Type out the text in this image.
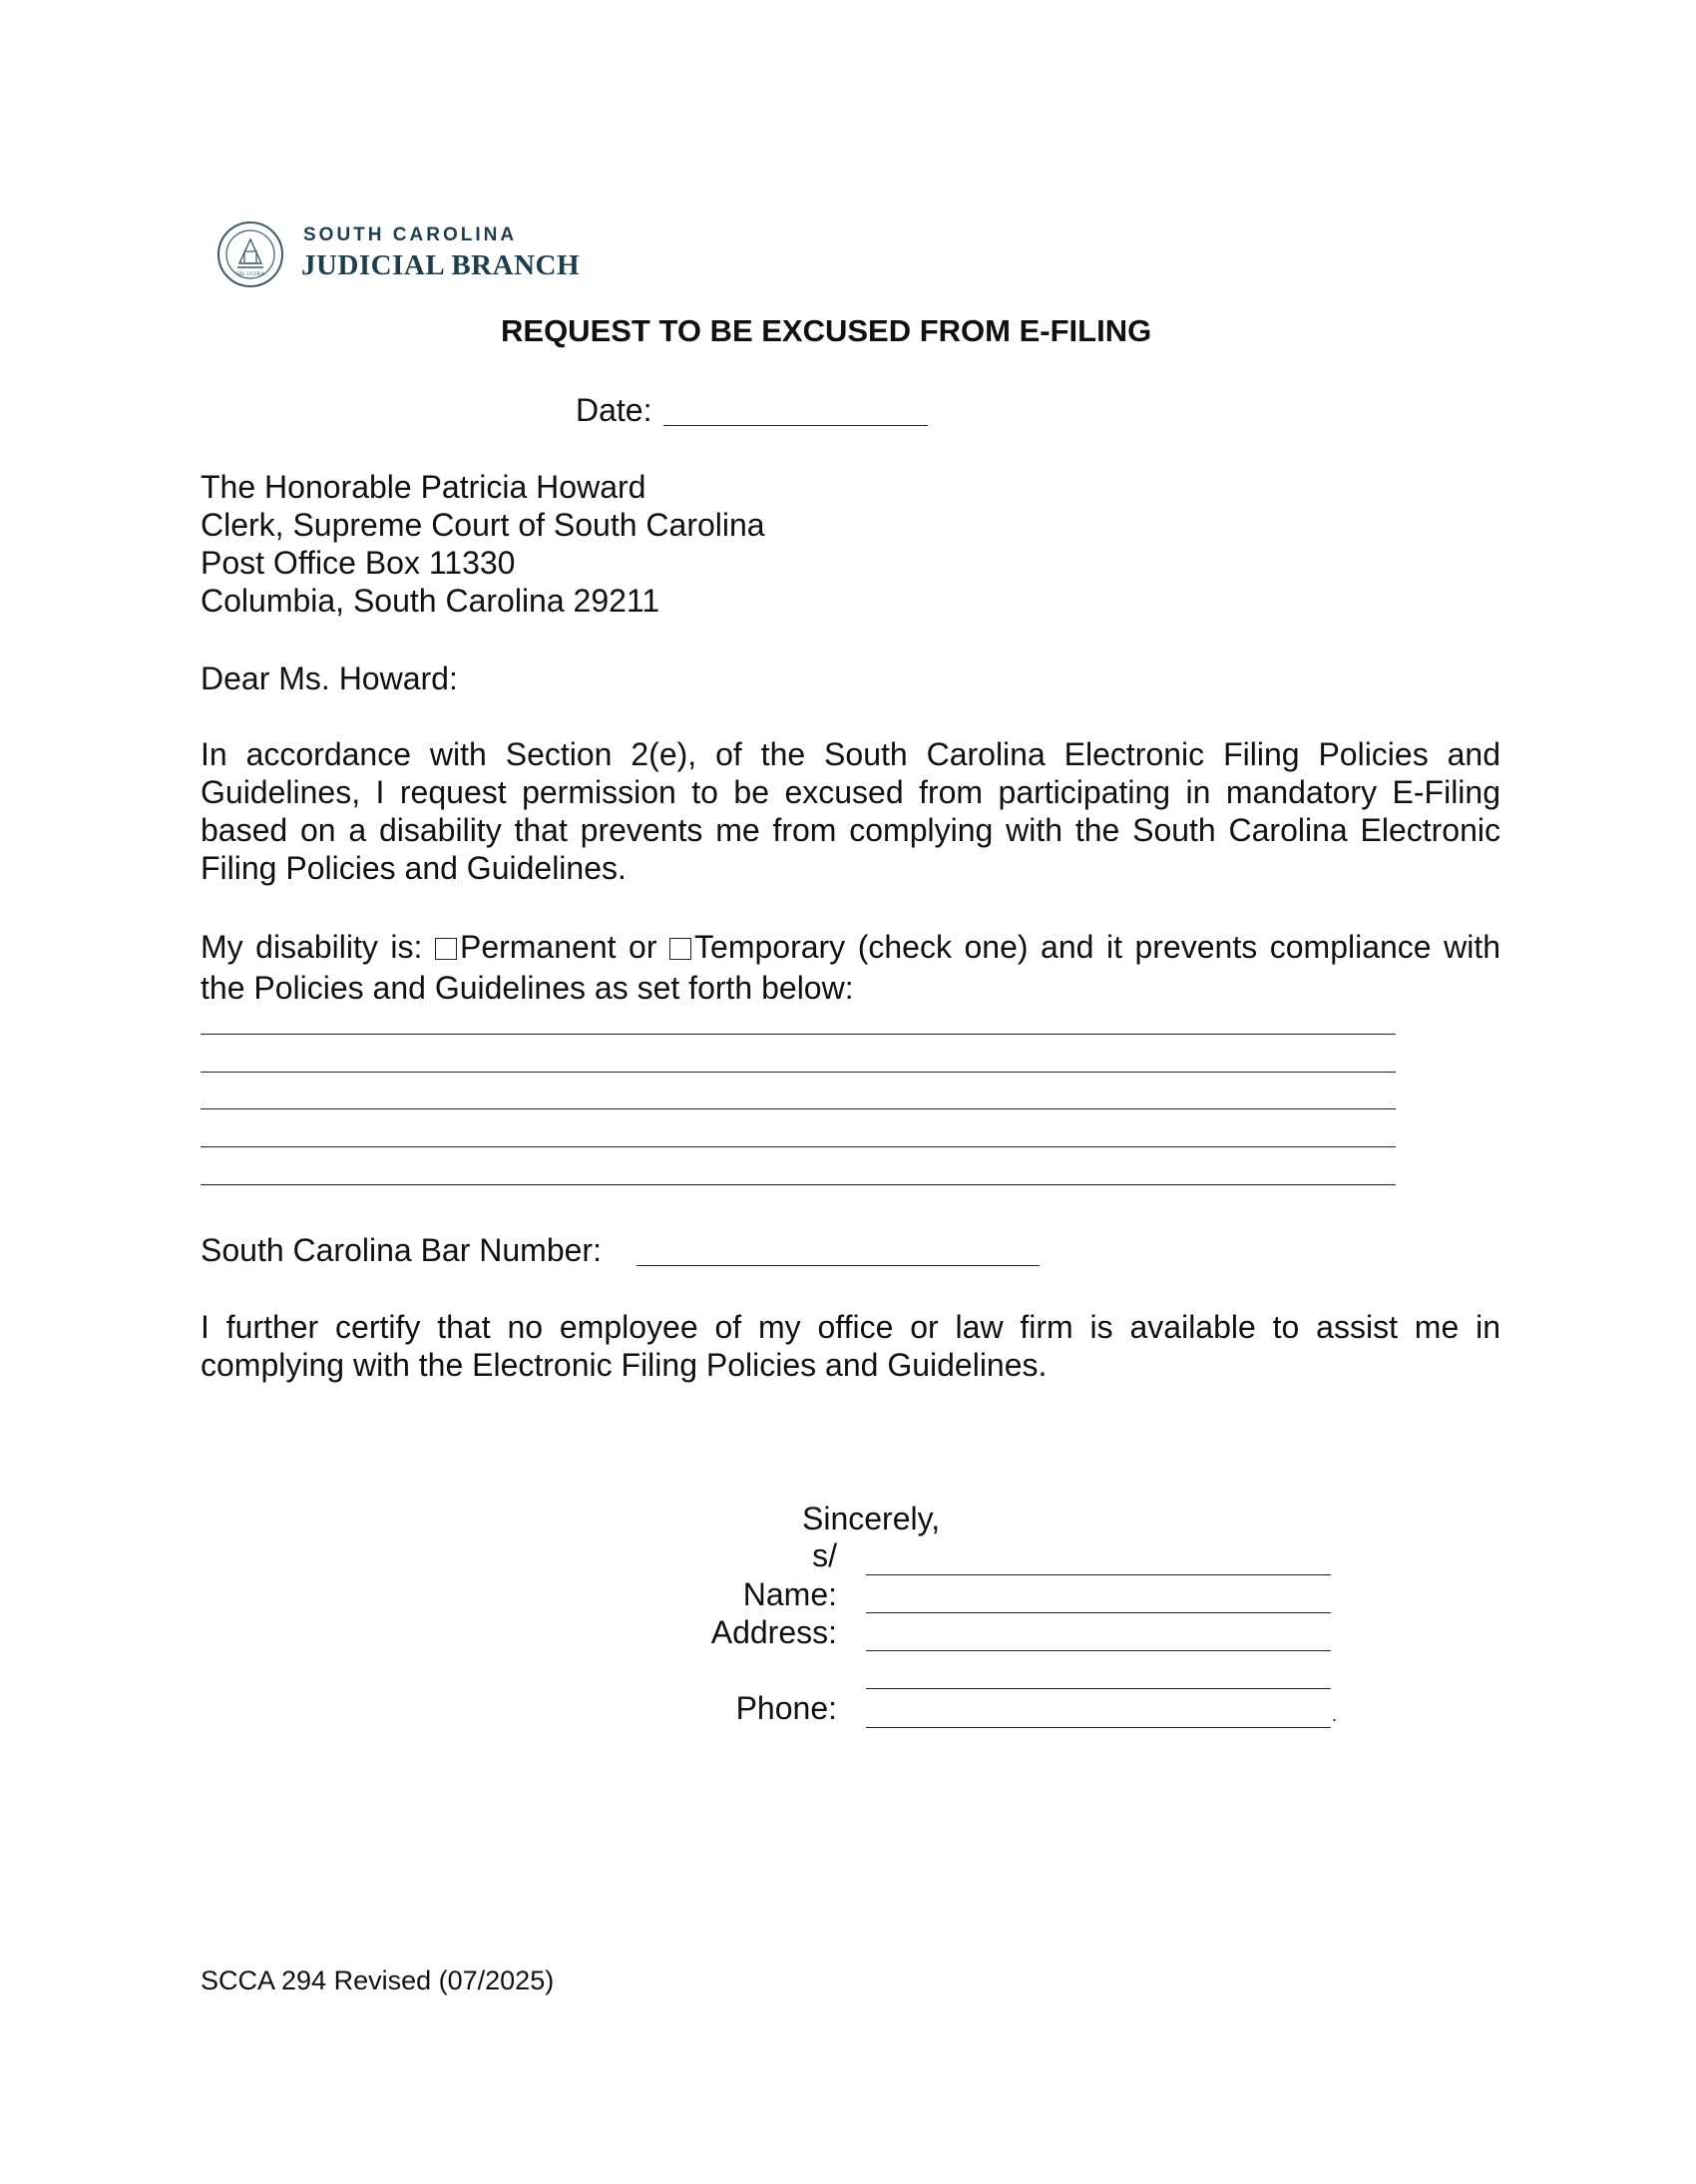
NIL ULTRA
SOUTH CAROLINA
JUDICIAL BRANCH
REQUEST TO BE EXCUSED FROM E-FILING
Date:
The Honorable Patricia Howard
Clerk, Supreme Court of South Carolina
Post Office Box 11330
Columbia, South Carolina 29211
Dear Ms. Howard:
In accordance with Section 2(e), of the South Carolina Electronic Filing Policies and Guidelines, I request permission to be excused from participating in mandatory E-Filing based on a disability that prevents me from complying with the South Carolina Electronic Filing Policies and Guidelines.
My disability is: Permanent or Temporary (check one) and it prevents compliance with the Policies and Guidelines as set forth below:
South Carolina Bar Number:
I further certify that no employee of my office or law firm is available to assist me in complying with the Electronic Filing Policies and Guidelines.
Sincerely,
s/
Name:
Address:
Phone:	.
SCCA 294 Revised (07/2025)
